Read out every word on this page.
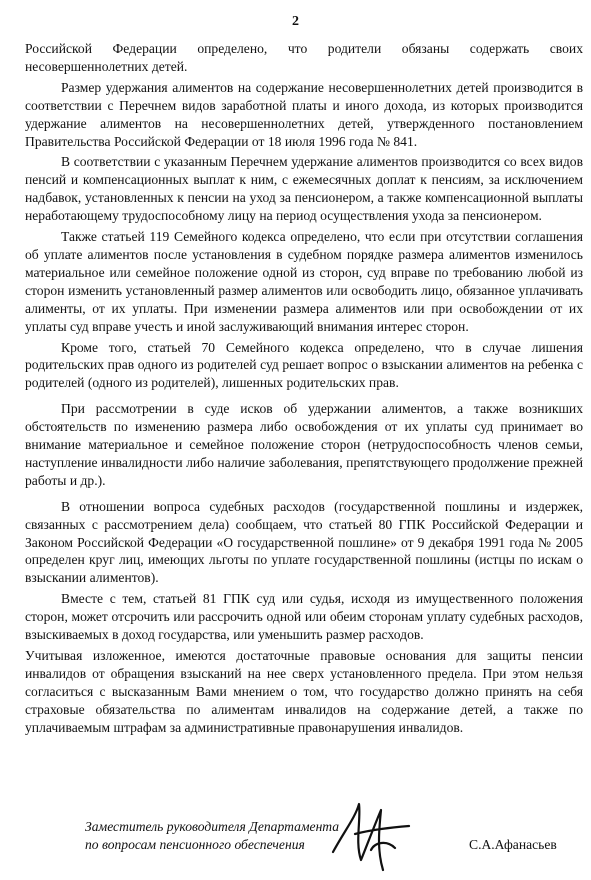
2

Российской Федерации определено, что родители обязаны содержать своих несовершеннолетних детей.

Размер удержания алиментов на содержание несовершеннолетних детей производится в соответствии с Перечнем видов заработной платы и иного дохода, из которых производится удержание алиментов на несовершеннолетних детей, утвержденного постановлением Правительства Российской Федерации от 18 июля 1996 года № 841.

В соответствии с указанным Перечнем удержание алиментов производится со всех видов пенсий и компенсационных выплат к ним, с ежемесячных доплат к пенсиям, за исключением надбавок, установленных к пенсии на уход за пенсионером, а также компенсационной выплаты неработающему трудоспособному лицу на период осуществления ухода за пенсионером.

Также статьей 119 Семейного кодекса определено, что если при отсутствии соглашения об уплате алиментов после установления в судебном порядке размера алиментов изменилось материальное или семейное положение одной из сторон, суд вправе по требованию любой из сторон изменить установленный размер алиментов или освободить лицо, обязанное уплачивать алименты, от их уплаты. При изменении размера алиментов или при освобождении от их уплаты суд вправе учесть и иной заслуживающий внимания интерес сторон.

Кроме того, статьей 70 Семейного кодекса определено, что в случае лишения родительских прав одного из родителей суд решает вопрос о взыскании алиментов на ребенка с родителей (одного из родителей), лишенных родительских прав.

При рассмотрении в суде исков об удержании алиментов, а также возникших обстоятельств по изменению размера либо освобождения от их уплаты суд принимает во внимание материальное и семейное положение сторон (нетрудоспособность членов семьи, наступление инвалидности либо наличие заболевания, препятствующего продолжение прежней работы и др.).

В отношении вопроса судебных расходов (государственной пошлины и издержек, связанных с рассмотрением дела) сообщаем, что статьей 80 ГПК Российской Федерации и Законом Российской Федерации «О государственной пошлине» от 9 декабря 1991 года № 2005 определен круг лиц, имеющих льготы по уплате государственной пошлины (истцы по искам о взыскании алиментов).

Вместе с тем, статьей 81 ГПК суд или судья, исходя из имущественного положения сторон, может отсрочить или рассрочить одной или обеим сторонам уплату судебных расходов, взыскиваемых в доход государства, или уменьшить размер расходов.

Учитывая изложенное, имеются достаточные правовые основания для защиты пенсии инвалидов от обращения взысканий на нее сверх установленного предела. При этом нельзя согласиться с высказанным Вами мнением о том, что государство должно принять на себя страховые обязательства по алиментам инвалидов на содержание детей, а также по уплачиваемым штрафам за административные правонарушения инвалидов.

Заместитель руководителя Департамента
по вопросам пенсионного обеспечения	С.А.Афанасьев
